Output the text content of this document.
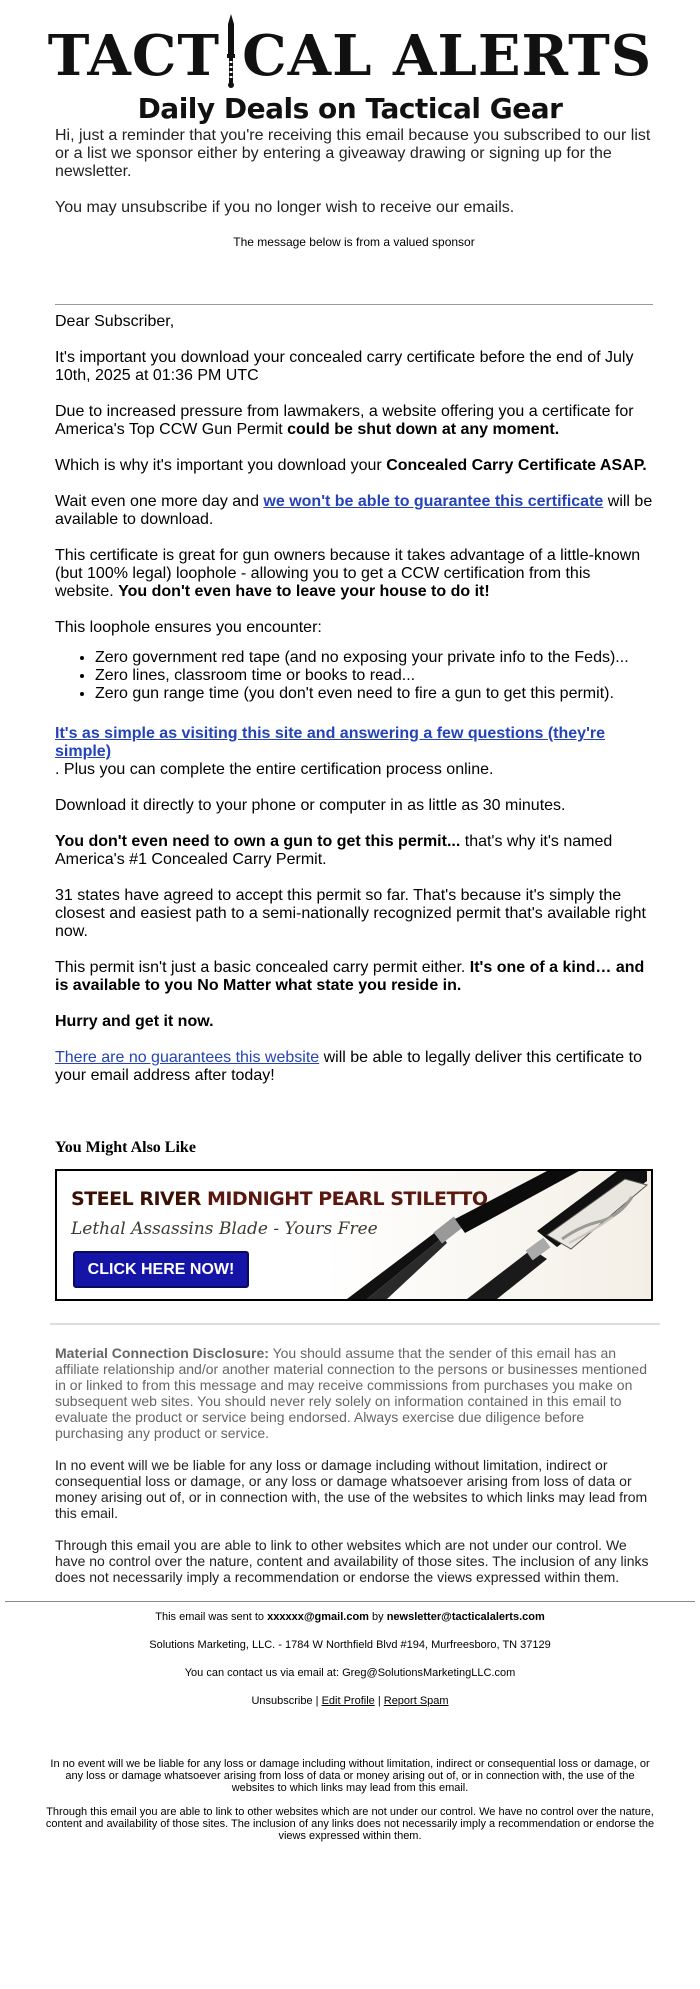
TACT CAL ALERTS
Daily Deals on Tactical Gear

Hi, just a reminder that you're receiving this email because you subscribed to our list or a list we sponsor either by entering a giveaway drawing or signing up for the newsletter.

You may unsubscribe if you no longer wish to receive our emails.

The message below is from a valued sponsor

Dear Subscriber,

It's important you download your concealed carry certificate before the end of July 10th, 2025 at 01:36 PM UTC

Due to increased pressure from lawmakers, a website offering you a certificate for America's Top CCW Gun Permit could be shut down at any moment.

Which is why it's important you download your Concealed Carry Certificate ASAP.

Wait even one more day and we won't be able to guarantee this certificate will be available to download.

This certificate is great for gun owners because it takes advantage of a little-known (but 100% legal) loophole - allowing you to get a CCW certification from this website. You don't even have to leave your house to do it!

This loophole ensures you encounter:

• Zero government red tape (and no exposing your private info to the Feds)...
• Zero lines, classroom time or books to read...
• Zero gun range time (you don't even need to fire a gun to get this permit).

It's as simple as visiting this site and answering a few questions (they're simple)
. Plus you can complete the entire certification process online.

Download it directly to your phone or computer in as little as 30 minutes.

You don't even need to own a gun to get this permit... that's why it's named America's #1 Concealed Carry Permit.

31 states have agreed to accept this permit so far. That's because it's simply the closest and easiest path to a semi-nationally recognized permit that's available right now.

This permit isn't just a basic concealed carry permit either. It's one of a kind… and is available to you No Matter what state you reside in.

Hurry and get it now.

There are no guarantees this website will be able to legally deliver this certificate to your email address after today!

You Might Also Like
STEEL RIVER MIDNIGHT PEARL STILETTO
Lethal Assassins Blade - Yours Free
CLICK HERE NOW!

Material Connection Disclosure: You should assume that the sender of this email has an affiliate relationship and/or another material connection to the persons or businesses mentioned in or linked to from this message and may receive commissions from purchases you make on subsequent web sites. You should never rely solely on information contained in this email to evaluate the product or service being endorsed. Always exercise due diligence before purchasing any product or service.

In no event will we be liable for any loss or damage including without limitation, indirect or consequential loss or damage, or any loss or damage whatsoever arising from loss of data or money arising out of, or in connection with, the use of the websites to which links may lead from this email.

Through this email you are able to link to other websites which are not under our control. We have no control over the nature, content and availability of those sites. The inclusion of any links does not necessarily imply a recommendation or endorse the views expressed within them.

This email was sent to xxxxxx@gmail.com by newsletter@tacticalalerts.com

Solutions Marketing, LLC. - 1784 W Northfield Blvd #194, Murfreesboro, TN 37129

You can contact us via email at: Greg@SolutionsMarketingLLC.com

Unsubscribe | Edit Profile | Report Spam

In no event will we be liable for any loss or damage including without limitation, indirect or consequential loss or damage, or any loss or damage whatsoever arising from loss of data or money arising out of, or in connection with, the use of the websites to which links may lead from this email.

Through this email you are able to link to other websites which are not under our control. We have no control over the nature, content and availability of those sites. The inclusion of any links does not necessarily imply a recommendation or endorse the views expressed within them.
